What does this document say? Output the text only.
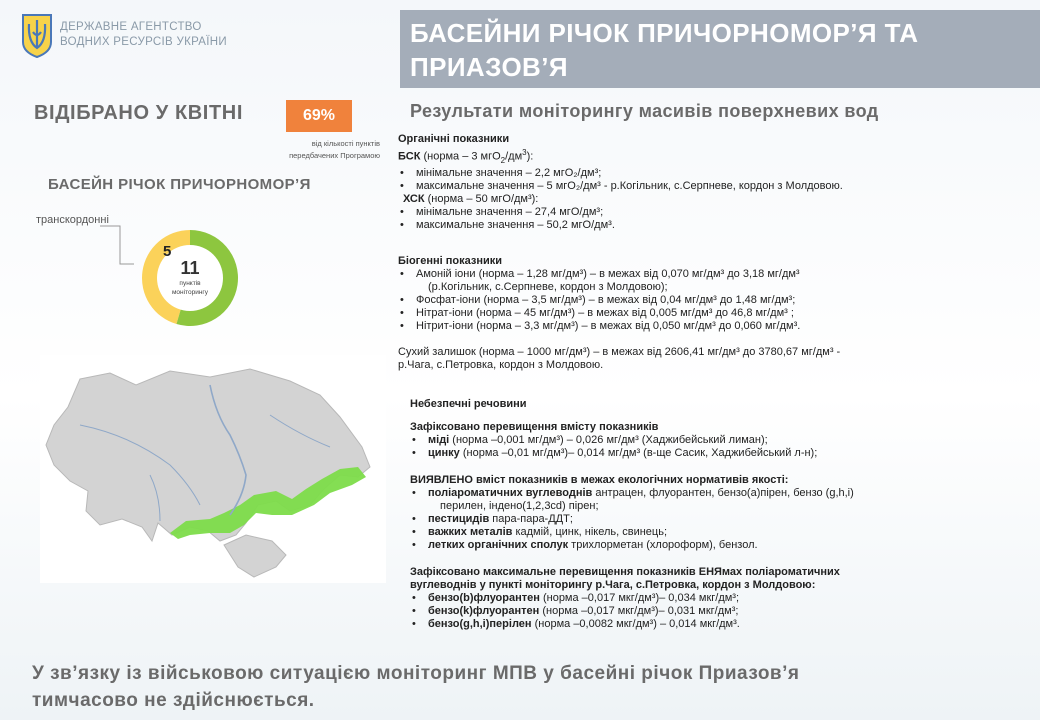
ДЕРЖАВНЕ АГЕНТСТВО
ВОДНИХ РЕСУРСІВ УКРАЇНИ	БАСЕЙНИ РІЧОК ПРИЧОРНОМОР’Я ТА
ПРИАЗОВ’Я
ВІДІБРАНО У КВІТНІ	69%
від кількості пунктів
передбачених Програмою
БАСЕЙН РІЧОК ПРИЧОРНОМОР’Я
транскордонні
5
11
пунктів
моніторингу
Результати моніторингу масивів поверхневих вод
Органічні показники
БСК (норма – 3 $мгО_2/дм^3$):
• мінімальне значення – 2,2 мгО₂/дм³;
• максимальне значення – 5 мгО₂/дм³ - р.Когільник, с.Серпневе, кордон з Молдовою.
ХСК (норма – 50 мгО/дм³):
• мінімальне значення – 27,4 мгО/дм³;
• максимальне значення – 50,2 мгО/дм³.
Біогенні показники
• Амоній іони (норма – 1,28 мг/дм³) – в межах від 0,070 мг/дм³ до 3,18 мг/дм³
(р.Когільник, с.Серпневе, кордон з Молдовою);
• Фосфат-іони (норма – 3,5 мг/дм³) – в межах від 0,04 мг/дм³ до 1,48 мг/дм³;
• Нітрат-іони (норма – 45 мг/дм³) – в межах від 0,005 мг/дм³ до 46,8 мг/дм³ ;
• Нітрит-іони (норма – 3,3 мг/дм³) – в межах від 0,050 мг/дм³ до 0,060 мг/дм³.
Сухий залишок (норма – 1000 мг/дм³) – в межах від 2606,41 мг/дм³ до 3780,67 мг/дм³ -
р.Чага, с.Петровка, кордон з Молдовою.
Небезпечні речовини
Зафіксовано перевищення вмісту показників
• міді (норма –0,001 мг/дм³) – 0,026 мг/дм³ (Хаджибейський лиман);
• цинку (норма –0,01 мг/дм³)– 0,014 мг/дм³ (в-ще Сасик, Хаджибейський л-н);
ВИЯВЛЕНО вміст показників в межах екологічних нормативів якості:
• поліароматичних вуглеводнів антрацен, флуорантен, бензо(а)пірен, бензо (g,h,i)
перилен, індено(1,2,3cd) пірен;
• пестицидів пара-пара-ДДТ;
• важких металів кадмій, цинк, нікель, свинець;
• летких органічних сполук трихлорметан (хлороформ), бензол.
Зафіксовано максимальне перевищення показників ЕНЯмах поліароматичних
вуглеводнів у пункті моніторингу р.Чага, с.Петровка, кордон з Молдовою:
• бензо(b)флуорантен (норма –0,017 мкг/дм³)– 0,034 мкг/дм³;
• бензо(k)флуорантен (норма –0,017 мкг/дм³)– 0,031 мкг/дм³;
• бензо(g,h,i)перілен (норма –0,0082 мкг/дм³) – 0,014 мкг/дм³.
У зв’язку із військовою ситуацією моніторинг МПВ у басейні річок Приазов’я
тимчасово не здійснюється.
